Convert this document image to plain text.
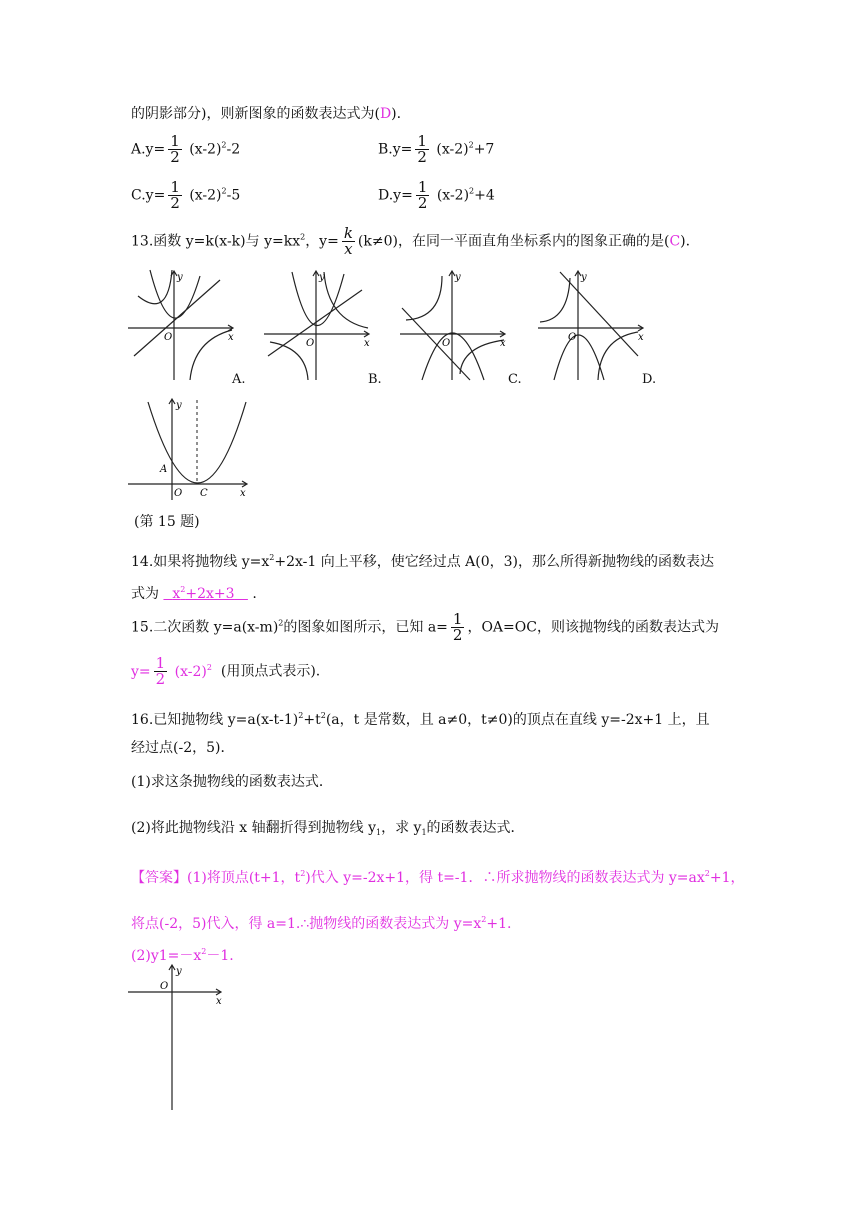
的阴影部分)，则新图象的函数表达式为(D).
$A.y= \frac{1}{2} (x-2)^2-2$	$B.y= \frac{1}{2} (x-2)^2+7$
$C.y= \frac{1}{2} (x-2)^2-5$	$D.y= \frac{1}{2} (x-2)^2+4$
13.函数 y=k(x-k)与 $y=kx^2$，$y= \frac{k}{x} (k\ne 0)$，在同一平面直角坐标系内的图象正确的是(C).
y
x
O
A.
y
x
O
B.
y
x
O
C.
y
x
O
D.
y
x
A
O C
(第 15 题)
14.如果将抛物线 $y=x^2+2x-1$ 向上平移，使它经过点 A(0，3)，那么所得新抛物线的函数表达
式为 $x^2+2x+3$ .
15.二次函数 $y=a(x-m)^2$的图象如图所示，已知 $a= \frac{1}{2}$ ，OA=OC，则该抛物线的函数表达式为
$y= \frac{1}{2} (x-2)^2$ (用顶点式表示).
16.已知抛物线 $y=a(x-t-1)^2+t^2(a$，t 是常数，且 a≠0，t≠0)的顶点在直线 y=-2x+1 上，且
经过点(-2，5)．
(1)求这条抛物线的函数表达式．
(2)将此抛物线沿 x 轴翻折得到抛物线 $y_1$，求 $y_1$的函数表达式．
【答案】(1)将顶点(t+1，$t^2$)代入 y=-2x+1，得 t=-1．∴所求抛物线的函数表达式为 $y=ax^2+1$，
将点(-2，5)代入，得 a=1.∴抛物线的函数表达式为 $y=x^2+1$.
$(2)y1=-x^2-1$.
y
x
O
